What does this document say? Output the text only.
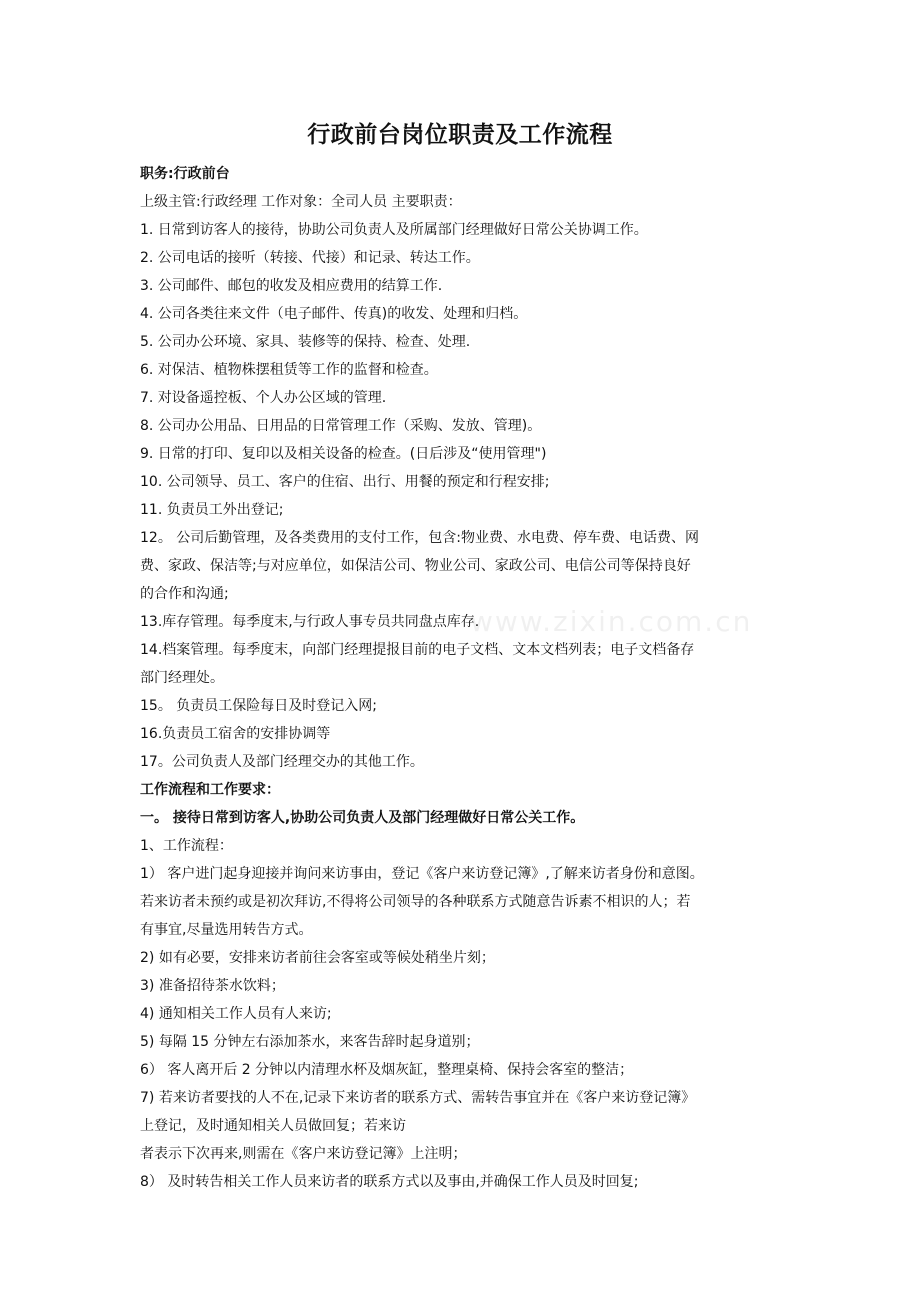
行政前台岗位职责及工作流程
www.zixin.com.cn
职务:行政前台
上级主管:行政经理 工作对象：全司人员 主要职责：
1. 日常到访客人的接待，协助公司负责人及所属部门经理做好日常公关协调工作。
2. 公司电话的接听（转接、代接）和记录、转达工作。
3. 公司邮件、邮包的收发及相应费用的结算工作.
4. 公司各类往来文件（电子邮件、传真)的收发、处理和归档。
5. 公司办公环境、家具、装修等的保持、检查、处理.
6. 对保洁、植物株摆租赁等工作的监督和检查。
7. 对设备遥控板、个人办公区域的管理.
8. 公司办公用品、日用品的日常管理工作（采购、发放、管理)。
9. 日常的打印、复印以及相关设备的检查。(日后涉及“使用管理")
10. 公司领导、员工、客户的住宿、出行、用餐的预定和行程安排;
11. 负责员工外出登记;
12。 公司后勤管理，及各类费用的支付工作，包含:物业费、水电费、停车费、电话费、网
费、家政、保洁等;与对应单位，如保洁公司、物业公司、家政公司、电信公司等保持良好
的合作和沟通;
13.库存管理。每季度末,与行政人事专员共同盘点库存.
14.档案管理。每季度末，向部门经理提报目前的电子文档、文本文档列表；电子文档备存
部门经理处。
15。 负责员工保险每日及时登记入网;
16.负责员工宿舍的安排协调等
17。公司负责人及部门经理交办的其他工作。
工作流程和工作要求：
一。 接待日常到访客人,协助公司负责人及部门经理做好日常公关工作。
1、工作流程：
1） 客户进门起身迎接并询问来访事由，登记《客户来访登记簿》,了解来访者身份和意图。
若来访者未预约或是初次拜访,不得将公司领导的各种联系方式随意告诉素不相识的人；若
有事宜,尽量选用转告方式。
2) 如有必要，安排来访者前往会客室或等候处稍坐片刻；
3) 准备招待茶水饮料；
4) 通知相关工作人员有人来访;
5) 每隔 15 分钟左右添加茶水，来客告辞时起身道别；
6） 客人离开后 2 分钟以内清理水杯及烟灰缸，整理桌椅、保持会客室的整洁；
7) 若来访者要找的人不在,记录下来访者的联系方式、需转告事宜并在《客户来访登记簿》
上登记，及时通知相关人员做回复；若来访
者表示下次再来,则需在《客户来访登记簿》上注明；
8） 及时转告相关工作人员来访者的联系方式以及事由,并确保工作人员及时回复;
